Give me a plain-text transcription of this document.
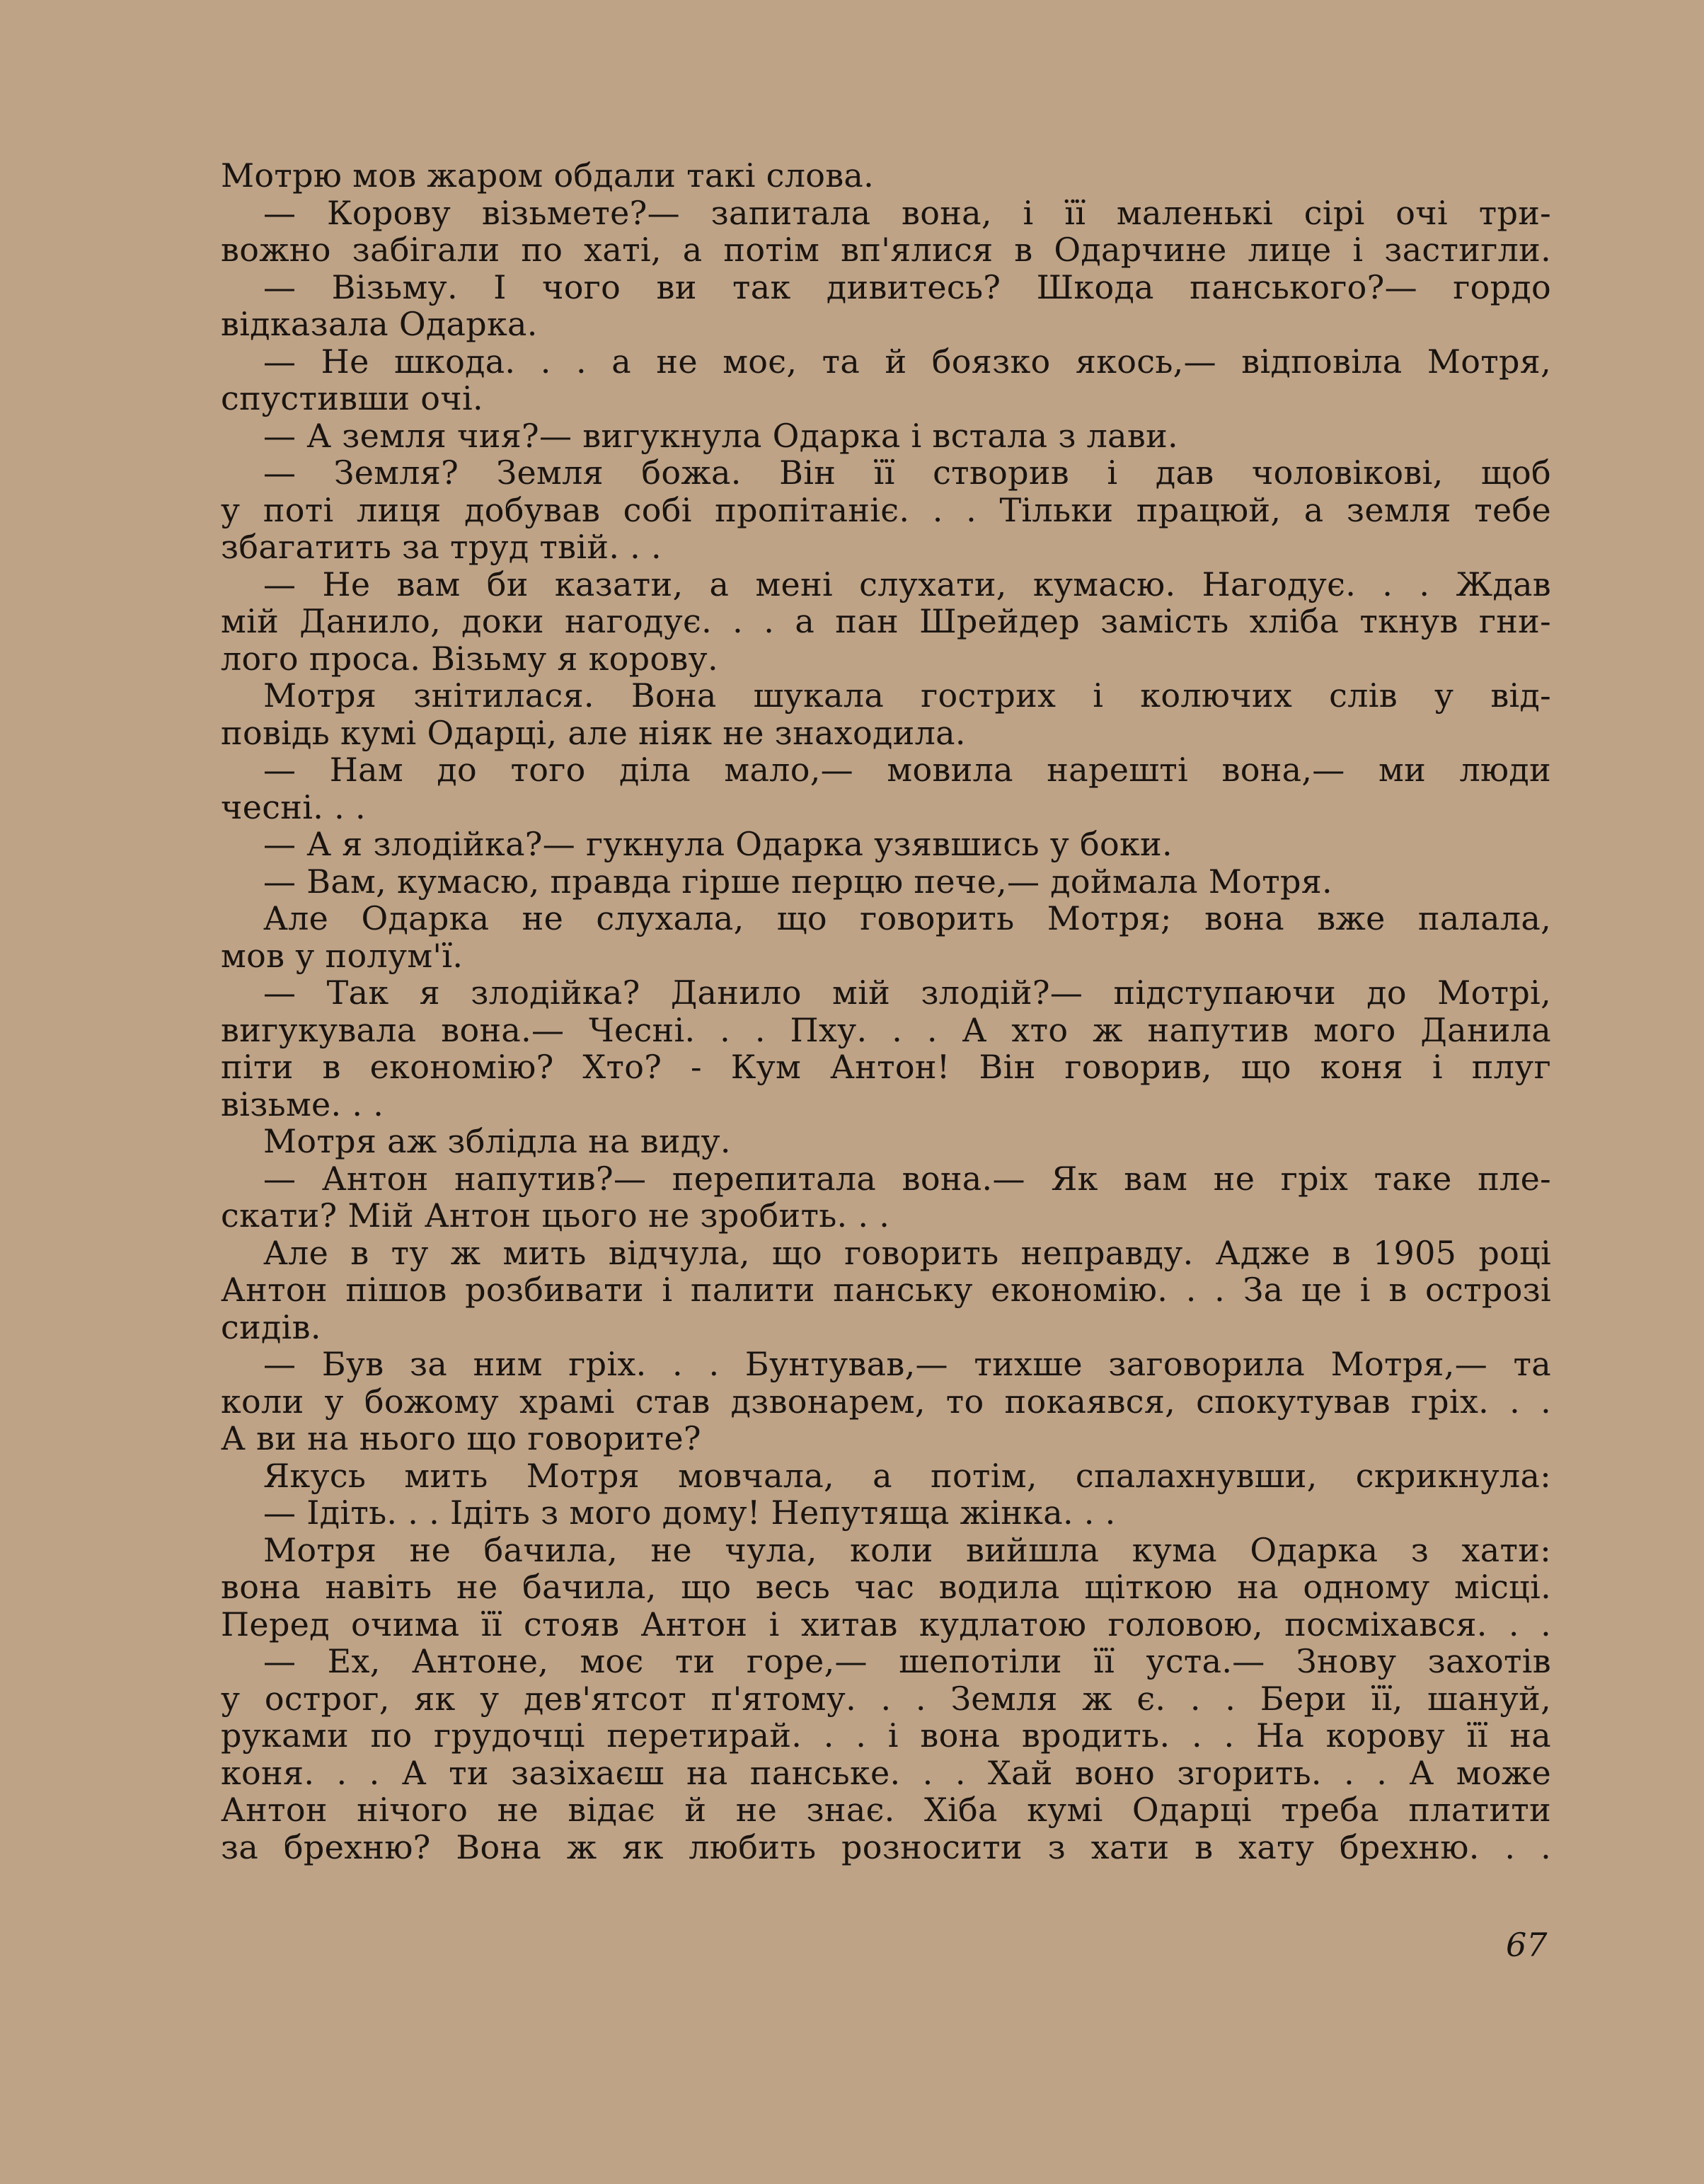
Мотрю мов жаром обдали такі слова.
— Корову візьмете?— запитала вона, і її маленькі сірі очі три-
вожно забігали по хаті, а потім вп'ялися в Одарчине лице і застигли.
— Візьму. І чого ви так дивитесь? Шкода панського?— гордо
відказала Одарка.
— Не шкода. . . а не моє, та й боязко якось,— відповіла Мотря,
спустивши очі.
— А земля чия?— вигукнула Одарка і встала з лави.
— Земля? Земля божа. Він її створив і дав чоловікові, щоб
у поті лиця добував собі пропітаніє. . . Тільки працюй, а земля тебе
збагатить за труд твій. . .
— Не вам би казати, а мені слухати, кумасю. Нагодує. . . Ждав
мій Данило, доки нагодує. . . а пан Шрейдер замість хліба ткнув гни-
лого проса. Візьму я корову.
Мотря знітилася. Вона шукала гострих і колючих слів у від-
повідь кумі Одарці, але ніяк не знаходила.
— Нам до того діла мало,— мовила нарешті вона,— ми люди
чесні. . .
— А я злодійка?— гукнула Одарка узявшись у боки.
— Вам, кумасю, правда гірше перцю пече,— доймала Мотря.
Але Одарка не слухала, що говорить Мотря; вона вже палала,
мов у полум'ї.
— Так я злодійка? Данило мій злодій?— підступаючи до Мотрі,
вигукувала вона.— Чесні. . . Пху. . . А хто ж напутив мого Данила
піти в економію? Хто? - Кум Антон! Він говорив, що коня і плуг
візьме. . .
Мотря аж зблідла на виду.
— Антон напутив?— перепитала вона.— Як вам не гріх таке пле-
скати? Мій Антон цього не зробить. . .
Але в ту ж мить відчула, що говорить неправду. Адже в 1905 році
Антон пішов розбивати і палити панську економію. . . За це і в острозі
сидів.
— Був за ним гріх. . . Бунтував,— тихше заговорила Мотря,— та
коли у божому храмі став дзвонарем, то покаявся, спокутував гріх. . .
А ви на нього що говорите?
Якусь мить Мотря мовчала, а потім, спалахнувши, скрикнула:
— Ідіть. . . Ідіть з мого дому! Непутяща жінка. . .
Мотря не бачила, не чула, коли вийшла кума Одарка з хати:
вона навіть не бачила, що весь час водила щіткою на одному місці.
Перед очима її стояв Антон і хитав кудлатою головою, посміхався. . .
— Ех, Антоне, моє ти горе,— шепотіли її уста.— Знову захотів
у острог, як у дев'ятсот п'ятому. . . Земля ж є. . . Бери її, шануй,
руками по грудочці перетирай. . . і вона вродить. . . На корову її на
коня. . . А ти зазіхаєш на панське. . . Хай воно згорить. . . А може
Антон нічого не відає й не знає. Хіба кумі Одарці треба платити
за брехню? Вона ж як любить розносити з хати в хату брехню. . .
67
